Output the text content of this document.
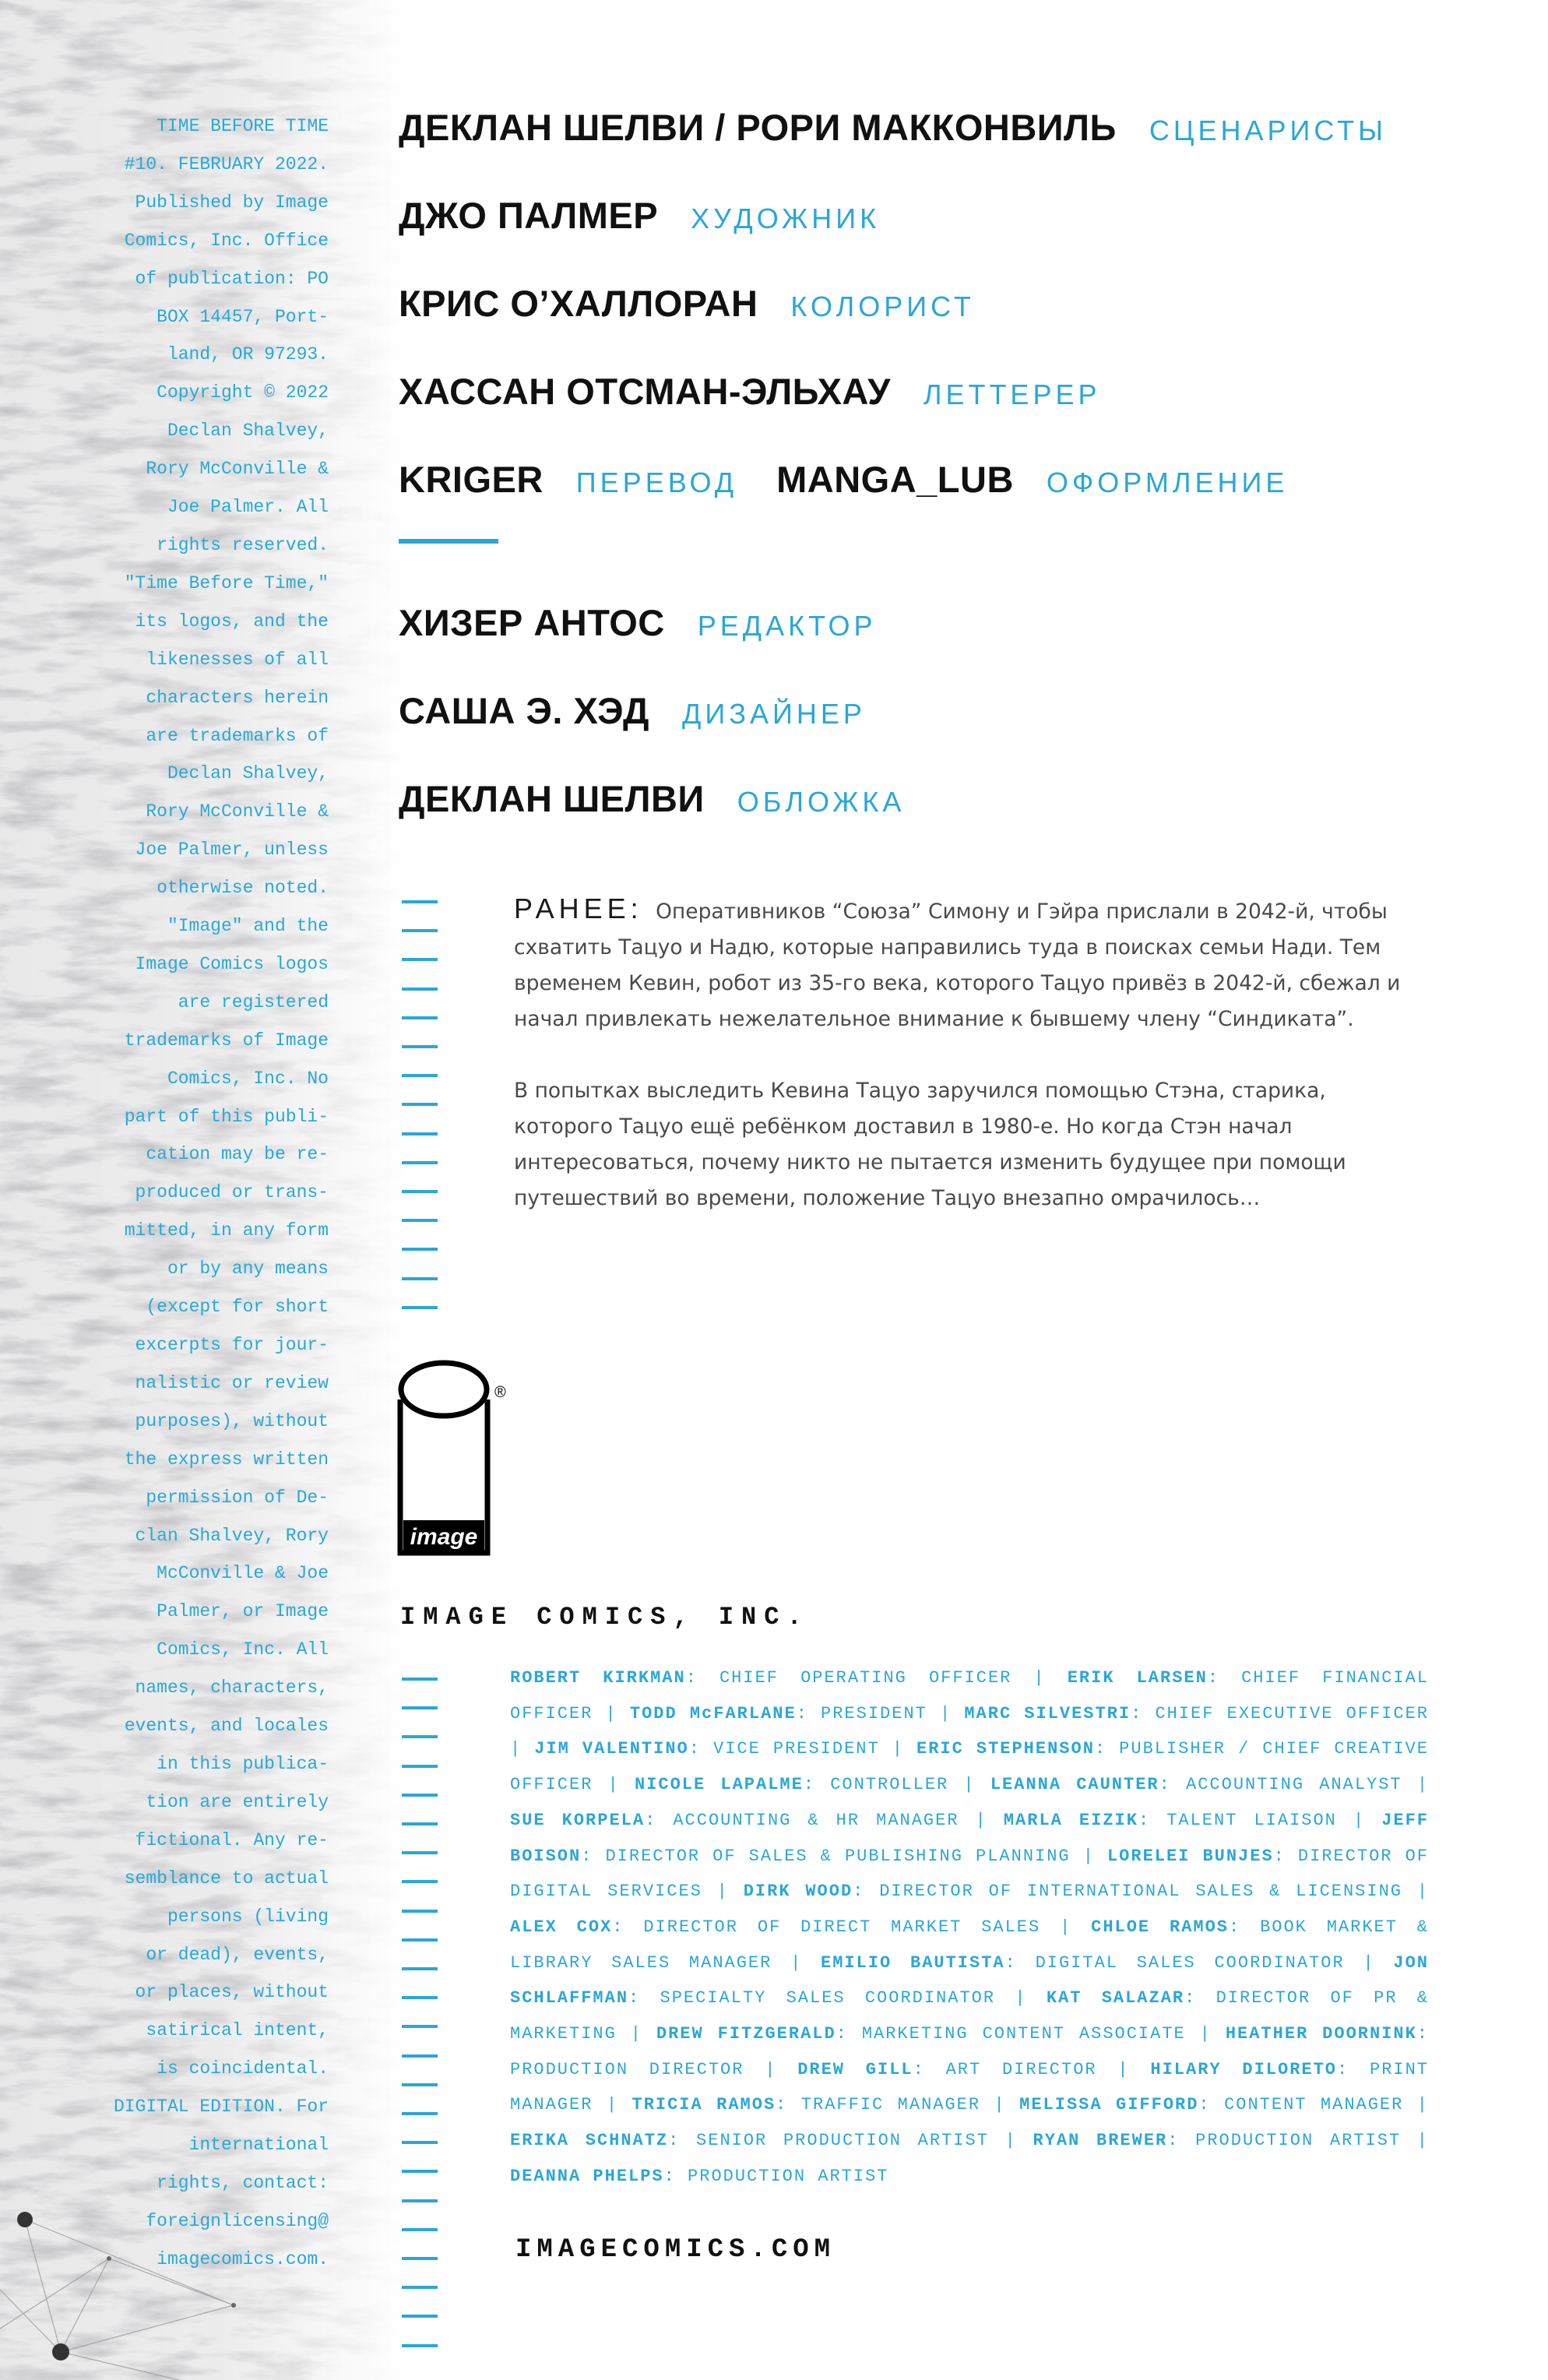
TIME BEFORE TIME
#10. FEBRUARY 2022.
Published by Image
Comics, Inc. Office
of publication: PO
BOX 14457, Port-
land, OR 97293.
Copyright © 2022
Declan Shalvey,
Rory McConville &
Joe Palmer. All
rights reserved.
"Time Before Time,"
its logos, and the
likenesses of all
characters herein
are trademarks of
Declan Shalvey,
Rory McConville &
Joe Palmer, unless
otherwise noted.
"Image" and the
Image Comics logos
are registered
trademarks of Image
Comics, Inc. No
part of this publi-
cation may be re-
produced or trans-
mitted, in any form
or by any means
(except for short
excerpts for jour-
nalistic or review
purposes), without
the express written
permission of De-
clan Shalvey, Rory
McConville & Joe
Palmer, or Image
Comics, Inc. All
names, characters,
events, and locales
in this publica-
tion are entirely
fictional. Any re-
semblance to actual
persons (living
or dead), events,
or places, without
satirical intent,
is coincidental.
DIGITAL EDITION. For
international
rights, contact:
foreignlicensing@
imagecomics.com.
ДЕКЛАН ШЕЛВИ / РОРИ МАККОНВИЛЬ СЦЕНАРИСТЫ
ДЖО ПАЛМЕР ХУДОЖНИК
КРИС О’ХАЛЛОРАН КОЛОРИСТ
ХАССАН ОТСМАН-ЭЛЬХАУ ЛЕТТЕРЕР
KRIGER ПЕРЕВОД MANGA_LUB ОФОРМЛЕНИЕ
ХИЗЕР АНТОС РЕДАКТОР
САША Э. ХЭД ДИЗАЙНЕР
ДЕКЛАН ШЕЛВИ ОБЛОЖКА

РАНЕЕ: Оперативников “Союза” Симону и Гэйра прислали в 2042-й, чтобы схватить Тацуо и Надю, которые направились туда в поисках семьи Нади. Тем временем Кевин, робот из 35-го века, которого Тацуо привёз в 2042-й, сбежал и начал привлекать нежелательное внимание к бывшему члену “Синдиката”.

В попытках выследить Кевина Тацуо заручился помощью Стэна, старика, которого Тацуо ещё ребёнком доставил в 1980-е. Но когда Стэн начал интересоваться, почему никто не пытается изменить будущее при помощи путешествий во времени, положение Тацуо внезапно омрачилось…

image
®
IMAGE COMICS, INC.
ROBERT KIRKMAN: CHIEF OPERATING OFFICER | ERIK LARSEN: CHIEF FINANCIAL OFFICER | TODD McFARLANE: PRESIDENT | MARC SILVESTRI: CHIEF EXECUTIVE OFFICER | JIM VALENTINO: VICE PRESIDENT | ERIC STEPHENSON: PUBLISHER / CHIEF CREATIVE OFFICER | NICOLE LAPALME: CONTROLLER | LEANNA CAUNTER: ACCOUNTING ANALYST | SUE KORPELA: ACCOUNTING & HR MANAGER | MARLA EIZIK: TALENT LIAISON | JEFF BOISON: DIRECTOR OF SALES & PUBLISHING PLANNING | LORELEI BUNJES: DIRECTOR OF DIGITAL SERVICES | DIRK WOOD: DIRECTOR OF INTERNATIONAL SALES & LICENSING | ALEX COX: DIRECTOR OF DIRECT MARKET SALES | CHLOE RAMOS: BOOK MARKET & LIBRARY SALES MANAGER | EMILIO BAUTISTA: DIGITAL SALES COORDINATOR | JON SCHLAFFMAN: SPECIALTY SALES COORDINATOR | KAT SALAZAR: DIRECTOR OF PR & MARKETING | DREW FITZGERALD: MARKETING CONTENT ASSOCIATE | HEATHER DOORNINK: PRODUCTION DIRECTOR | DREW GILL: ART DIRECTOR | HILARY DILORETO: PRINT MANAGER | TRICIA RAMOS: TRAFFIC MANAGER | MELISSA GIFFORD: CONTENT MANAGER | ERIKA SCHNATZ: SENIOR PRODUCTION ARTIST | RYAN BREWER: PRODUCTION ARTIST | DEANNA PHELPS: PRODUCTION ARTIST
IMAGECOMICS.COM
